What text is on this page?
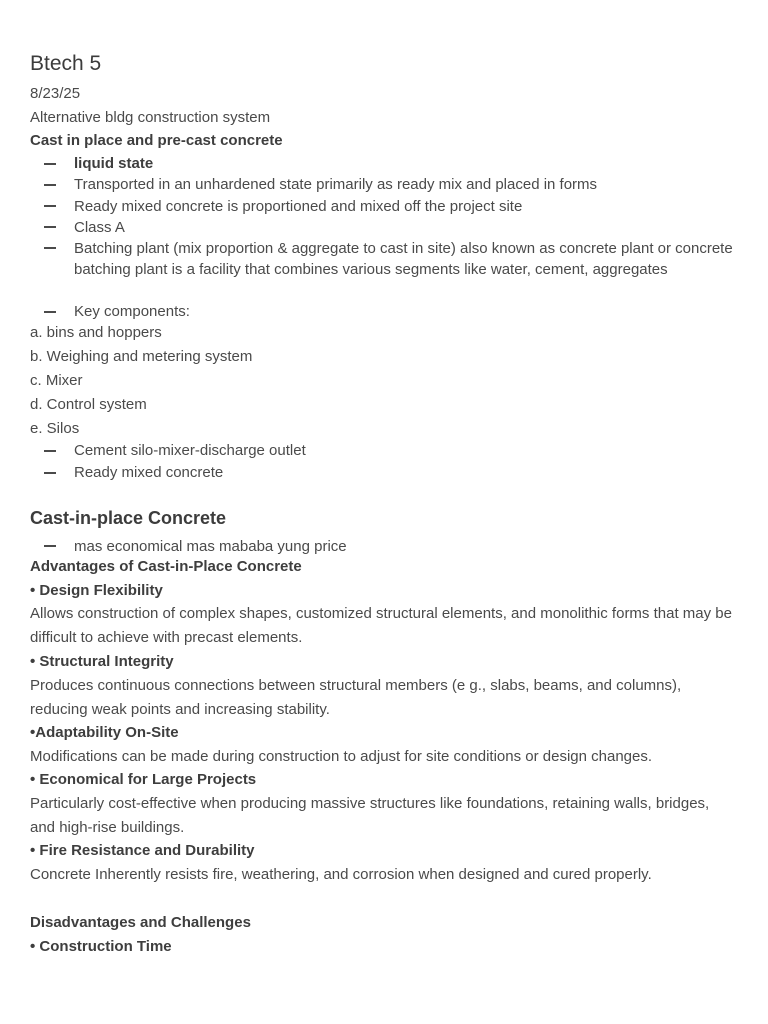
Btech 5
8/23/25
Alternative bldg construction system
Cast in place and pre-cast concrete
liquid state
Transported in an unhardened state primarily as ready mix and placed in forms
Ready mixed concrete is proportioned and mixed off the project site
Class A
Batching plant (mix proportion & aggregate to cast in site) also known as concrete plant or concrete batching plant is a facility that combines various segments like water, cement, aggregates
Key components:
a. bins and hoppers
b. Weighing and metering system
c. Mixer
d. Control system
e. Silos
Cement silo-mixer-discharge outlet
Ready mixed concrete
Cast-in-place Concrete
mas economical mas mababa yung price
Advantages of Cast-in-Place Concrete
• Design Flexibility
Allows construction of complex shapes, customized structural elements, and monolithic forms that may be difficult to achieve with precast elements.
• Structural Integrity
Produces continuous connections between structural members (e g., slabs, beams, and columns), reducing weak points and increasing stability.
•Adaptability On-Site
Modifications can be made during construction to adjust for site conditions or design changes.
• Economical for Large Projects
Particularly cost-effective when producing massive structures like foundations, retaining walls, bridges, and high-rise buildings.
• Fire Resistance and Durability
Concrete Inherently resists fire, weathering, and corrosion when designed and cured properly.
Disadvantages and Challenges
• Construction Time
